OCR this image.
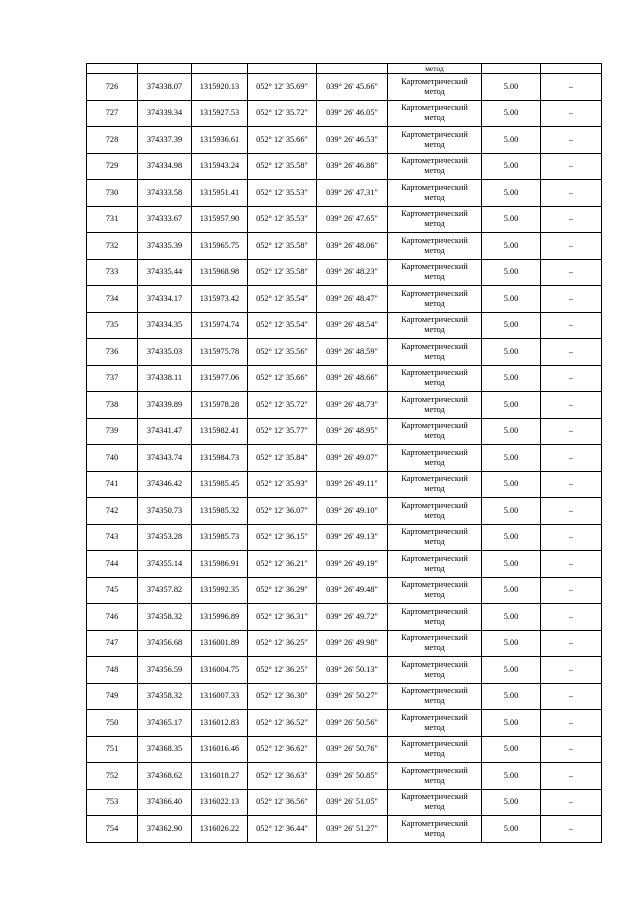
					метод		
726	374338.07	1315920.13	052° 12' 35.69"	039° 26' 45.66"	Картометрический
метод	5.00	–
727	374339.34	1315927.53	052° 12' 35.72"	039° 26' 46.05"	Картометрический
метод	5.00	–
728	374337.39	1315936.61	052° 12' 35.66"	039° 26' 46.53"	Картометрический
метод	5.00	–
729	374334.98	1315943.24	052° 12' 35.58"	039° 26' 46.88"	Картометрический
метод	5.00	–
730	374333.58	1315951.41	052° 12' 35.53"	039° 26' 47.31"	Картометрический
метод	5.00	–
731	374333.67	1315957.90	052° 12' 35.53"	039° 26' 47.65"	Картометрический
метод	5.00	–
732	374335.39	1315965.75	052° 12' 35.58"	039° 26' 48.06"	Картометрический
метод	5.00	–
733	374335.44	1315968.98	052° 12' 35.58"	039° 26' 48.23"	Картометрический
метод	5.00	–
734	374334.17	1315973.42	052° 12' 35.54"	039° 26' 48.47"	Картометрический
метод	5.00	–
735	374334.35	1315974.74	052° 12' 35.54"	039° 26' 48.54"	Картометрический
метод	5.00	–
736	374335.03	1315975.78	052° 12' 35.56"	039° 26' 48.59"	Картометрический
метод	5.00	–
737	374338.11	1315977.06	052° 12' 35.66"	039° 26' 48.66"	Картометрический
метод	5.00	–
738	374339.89	1315978.28	052° 12' 35.72"	039° 26' 48.73"	Картометрический
метод	5.00	–
739	374341.47	1315982.41	052° 12' 35.77"	039° 26' 48.95"	Картометрический
метод	5.00	–
740	374343.74	1315984.73	052° 12' 35.84"	039° 26' 49.07"	Картометрический
метод	5.00	–
741	374346.42	1315985.45	052° 12' 35.93"	039° 26' 49.11"	Картометрический
метод	5.00	–
742	374350.73	1315985.32	052° 12' 36.07"	039° 26' 49.10"	Картометрический
метод	5.00	–
743	374353.28	1315985.73	052° 12' 36.15"	039° 26' 49.13"	Картометрический
метод	5.00	–
744	374355.14	1315986.91	052° 12' 36.21"	039° 26' 49.19"	Картометрический
метод	5.00	–
745	374357.82	1315992.35	052° 12' 36.29"	039° 26' 49.48"	Картометрический
метод	5.00	–
746	374358.32	1315996.89	052° 12' 36.31"	039° 26' 49.72"	Картометрический
метод	5.00	–
747	374356.68	1316001.89	052° 12' 36.25"	039° 26' 49.98"	Картометрический
метод	5.00	–
748	374356.59	1316004.75	052° 12' 36.25"	039° 26' 50.13"	Картометрический
метод	5.00	–
749	374358.32	1316007.33	052° 12' 36.30"	039° 26' 50.27"	Картометрический
метод	5.00	–
750	374365.17	1316012.83	052° 12' 36.52"	039° 26' 50.56"	Картометрический
метод	5.00	–
751	374368.35	1316016.46	052° 12' 36.62"	039° 26' 50.76"	Картометрический
метод	5.00	–
752	374368.62	1316018.27	052° 12' 36.63"	039° 26' 50.85"	Картометрический
метод	5.00	–
753	374366.40	1316022.13	052° 12' 36.56"	039° 26' 51.05"	Картометрический
метод	5.00	–
754	374362.90	1316026.22	052° 12' 36.44"	039° 26' 51.27"	Картометрический
метод	5.00	–
